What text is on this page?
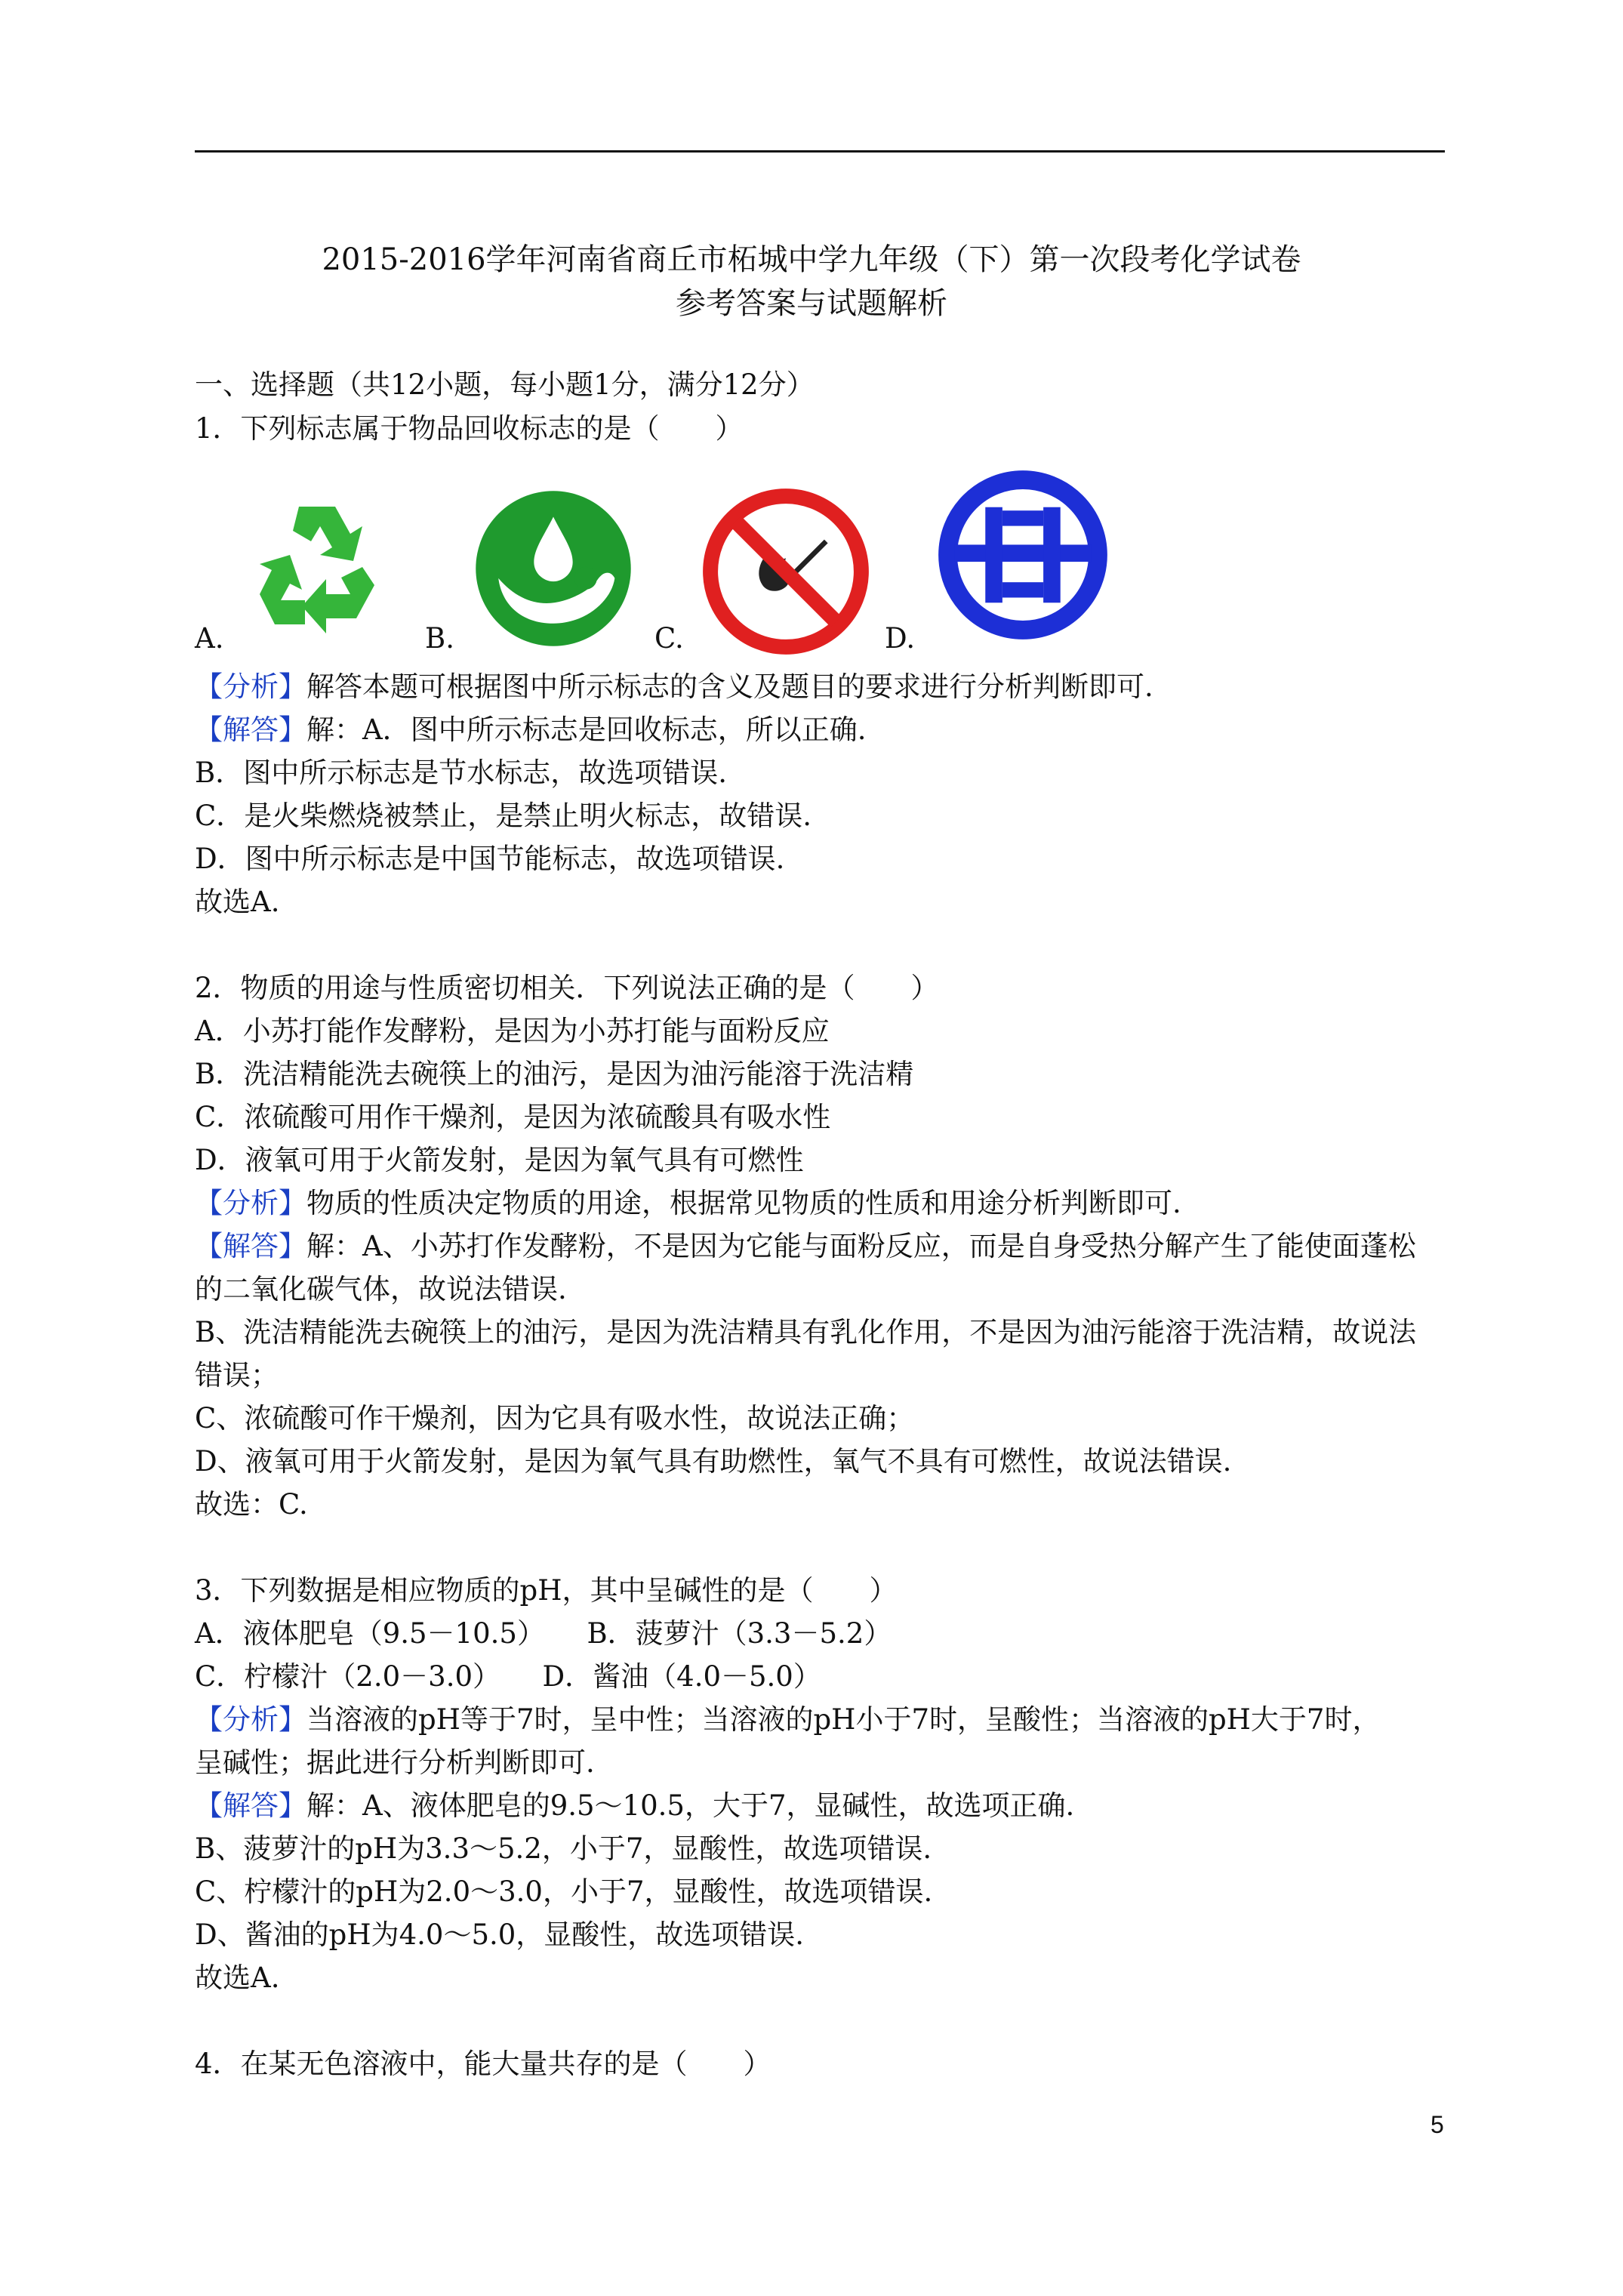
2015-2016学年河南省商丘市柘城中学九年级（下）第一次段考化学试卷
参考答案与试题解析
一、选择题（共12小题，每小题1分，满分12分）
1．下列标志属于物品回收标志的是（　　）
A.	B.	C.	D.
【分析】解答本题可根据图中所示标志的含义及题目的要求进行分析判断即可.
【解答】解：A．图中所示标志是回收标志，所以正确.
B．图中所示标志是节水标志，故选项错误.
C．是火柴燃烧被禁止，是禁止明火标志，故错误.
D．图中所示标志是中国节能标志，故选项错误.
故选A.
2．物质的用途与性质密切相关．下列说法正确的是（　　）
A．小苏打能作发酵粉，是因为小苏打能与面粉反应
B．洗洁精能洗去碗筷上的油污，是因为油污能溶于洗洁精
C．浓硫酸可用作干燥剂，是因为浓硫酸具有吸水性
D．液氧可用于火箭发射，是因为氧气具有可燃性
【分析】物质的性质决定物质的用途，根据常见物质的性质和用途分析判断即可.
【解答】解：A、小苏打作发酵粉，不是因为它能与面粉反应，而是自身受热分解产生了能使面蓬松
的二氧化碳气体，故说法错误.
B、洗洁精能洗去碗筷上的油污，是因为洗洁精具有乳化作用，不是因为油污能溶于洗洁精，故说法
错误；
C、浓硫酸可作干燥剂，因为它具有吸水性，故说法正确；
D、液氧可用于火箭发射，是因为氧气具有助燃性，氧气不具有可燃性，故说法错误.
故选：C.
3．下列数据是相应物质的pH，其中呈碱性的是（　　）
A．液体肥皂（9.5－10.5）　　B．菠萝汁（3.3－5.2）
C．柠檬汁（2.0－3.0）　　D．酱油（4.0－5.0）
【分析】当溶液的pH等于7时，呈中性；当溶液的pH小于7时，呈酸性；当溶液的pH大于7时，
呈碱性；据此进行分析判断即可.
【解答】解：A、液体肥皂的9.5～10.5，大于7，显碱性，故选项正确.
B、菠萝汁的pH为3.3～5.2，小于7，显酸性，故选项错误.
C、柠檬汁的pH为2.0～3.0，小于7，显酸性，故选项错误.
D、酱油的pH为4.0～5.0，显酸性，故选项错误.
故选A.
4．在某无色溶液中，能大量共存的是（　　）
5
